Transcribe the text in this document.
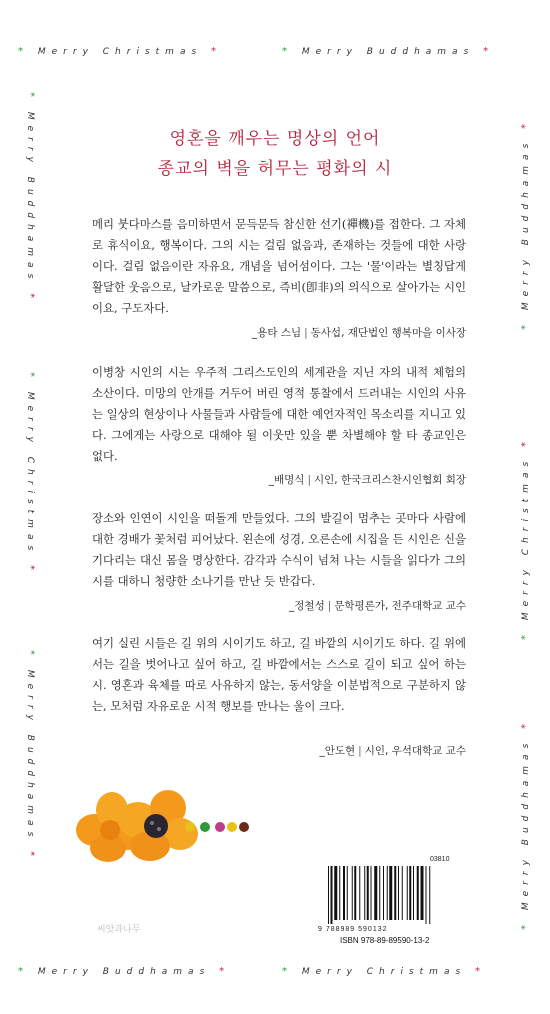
* Merry Christmas *	* Merry Buddhamas *
* Merry Buddhamas *	* Merry Christmas *
* Merry Buddhamas *
* Merry Christmas *
* Merry Buddhamas *
* Merry Buddhamas *
* Merry Christmas *
* Merry Buddhamas *
영혼을 깨우는 명상의 언어
종교의 벽을 허무는 평화의 시
메리 붓다마스를 음미하면서 문득문득 참신한 선기(禪機)를 접한다. 그 자체로 휴식이요, 행복이다. 그의 시는 걸림 없음과, 존재하는 것들에 대한 사랑이다. 걸림 없음이란 자유요, 개념을 넘어섬이다. 그는 '물'이라는 별칭답게 활달한 웃음으로, 날카로운 말씀으로, 즉비(卽非)의 의식으로 살아가는 시인이요, 구도자다.
_용타 스님 | 동사섭, 재단법인 행복마을 이사장
이병창 시인의 시는 우주적 그리스도인의 세계관을 지닌 자의 내적 체험의 소산이다. 미망의 안개를 거두어 버린 영적 통찰에서 드러내는 시인의 사유는 일상의 현상이나 사물들과 사람들에 대한 예언자적인 목소리를 지니고 있다. 그에게는 사랑으로 대해야 될 이웃만 있을 뿐 차별해야 할 타 종교인은 없다.
_배명식 | 시인, 한국크리스찬시인협회 회장
장소와 인연이 시인을 떠돌게 만들었다. 그의 발길이 멈추는 곳마다 사람에 대한 경배가 꽃처럼 피어났다. 왼손에 성경, 오른손에 시집을 든 시인은 신을 기다리는 대신 몸을 명상한다. 감각과 수식이 넘쳐 나는 시들을 읽다가 그의 시를 대하니 청량한 소나기를 만난 듯 반갑다.
_정철성 | 문학평론가, 전주대학교 교수
여기 실린 시들은 길 위의 시이기도 하고, 길 바깥의 시이기도 하다. 길 위에서는 길을 벗어나고 싶어 하고, 길 바깥에서는 스스로 길이 되고 싶어 하는 시. 영혼과 육체를 따로 사유하지 않는, 동서양을 이분법적으로 구분하지 않는, 모처럼 자유로운 시적 행보를 만나는 울이 크다.
_안도현 | 시인, 우석대학교 교수
씨앗과나무
03810
9 788989 590132
ISBN 978-89-89590-13-2
